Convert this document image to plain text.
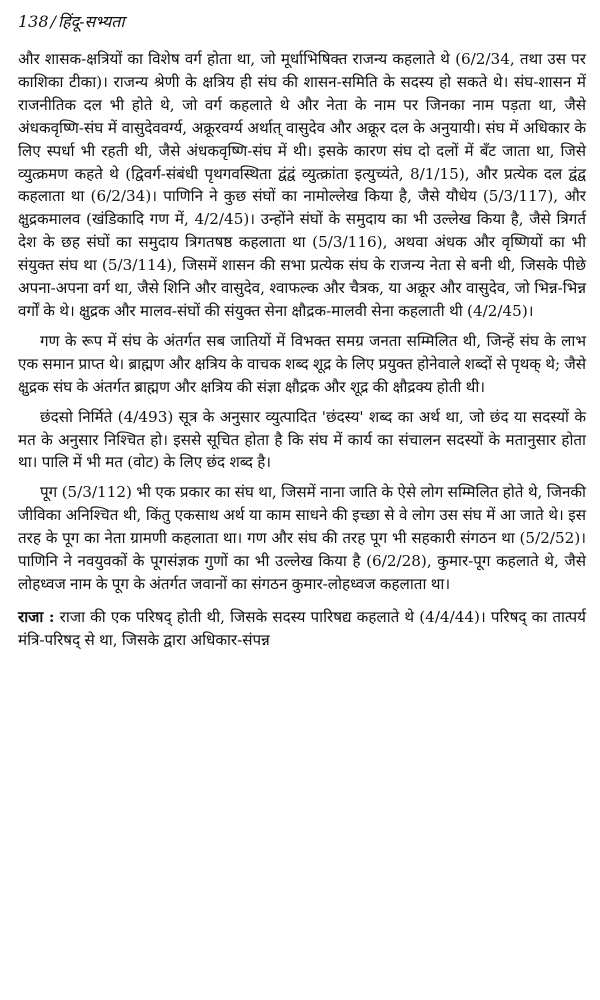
138 / हिंदू-सभ्यता

और शासक-क्षत्रियों का विशेष वर्ग होता था, जो मूर्धाभिषिक्त राजन्य कहलाते थे (6/2/34, तथा उस पर काशिका टीका)। राजन्य श्रेणी के क्षत्रिय ही संघ की शासन-समिति के सदस्य हो सकते थे। संघ-शासन में राजनीतिक दल भी होते थे, जो वर्ग कहलाते थे और नेता के नाम पर जिनका नाम पड़ता था, जैसे अंधकवृष्णि-संघ में वासुदेववर्ग्य, अक्रूरवर्ग्य अर्थात् वासुदेव और अक्रूर दल के अनुयायी। संघ में अधिकार के लिए स्पर्धा भी रहती थी, जैसे अंधकवृष्णि-संघ में थी। इसके कारण संघ दो दलों में बँट जाता था, जिसे व्युत्क्रमण कहते थे (द्विवर्ग-संबंधी पृथगवस्थिता द्वंद्वं व्युत्क्रांता इत्युच्यंते, 8/1/15), और प्रत्येक दल द्वंद्व कहलाता था (6/2/34)। पाणिनि ने कुछ संघों का नामोल्लेख किया है, जैसे यौधेय (5/3/117), और क्षुद्रकमालव (खंडिकादि गण में, 4/2/45)। उन्होंने संघों के समुदाय का भी उल्लेख किया है, जैसे त्रिगर्त देश के छह संघों का समुदाय त्रिगतषष्ठ कहलाता था (5/3/116), अथवा अंधक और वृष्णियों का भी संयुक्त संघ था (5/3/114), जिसमें शासन की सभा प्रत्येक संघ के राजन्य नेता से बनी थी, जिसके पीछे अपना-अपना वर्ग था, जैसे शिनि और वासुदेव, श्वाफल्क और चैत्रक, या अक्रूर और वासुदेव, जो भिन्न-भिन्न वर्गों के थे। क्षुद्रक और मालव-संघों की संयुक्त सेना क्षौद्रक-मालवी सेना कहलाती थी (4/2/45)।

गण के रूप में संघ के अंतर्गत सब जातियों में विभक्त समग्र जनता सम्मिलित थी, जिन्हें संघ के लाभ एक समान प्राप्त थे। ब्राह्मण और क्षत्रिय के वाचक शब्द शूद्र के लिए प्रयुक्त होनेवाले शब्दों से पृथक् थे; जैसे क्षुद्रक संघ के अंतर्गत ब्राह्मण और क्षत्रिय की संज्ञा क्षौद्रक और शूद्र की क्षौद्रक्य होती थी।

छंदसो निर्मिते (4/493) सूत्र के अनुसार व्युत्पादित 'छंदस्य' शब्द का अर्थ था, जो छंद या सदस्यों के मत के अनुसार निश्चित हो। इससे सूचित होता है कि संघ में कार्य का संचालन सदस्यों के मतानुसार होता था। पालि में भी मत (वोट) के लिए छंद शब्द है।

पूग (5/3/112) भी एक प्रकार का संघ था, जिसमें नाना जाति के ऐसे लोग सम्मिलित होते थे, जिनकी जीविका अनिश्चित थी, किंतु एकसाथ अर्थ या काम साधने की इच्छा से वे लोग उस संघ में आ जाते थे। इस तरह के पूग का नेता ग्रामणी कहलाता था। गण और संघ की तरह पूग भी सहकारी संगठन था (5/2/52)। पाणिनि ने नवयुवकों के पूगसंज्ञक गुणों का भी उल्लेख किया है (6/2/28), कुमार-पूग कहलाते थे, जैसे लोहध्वज नाम के पूग के अंतर्गत जवानों का संगठन कुमार-लोहध्वज कहलाता था।

राजा : राजा की एक परिषद् होती थी, जिसके सदस्य पारिषद्य कहलाते थे (4/4/44)। परिषद् का तात्पर्य मंत्रि-परिषद् से था, जिसके द्वारा अधिकार-संपन्न
